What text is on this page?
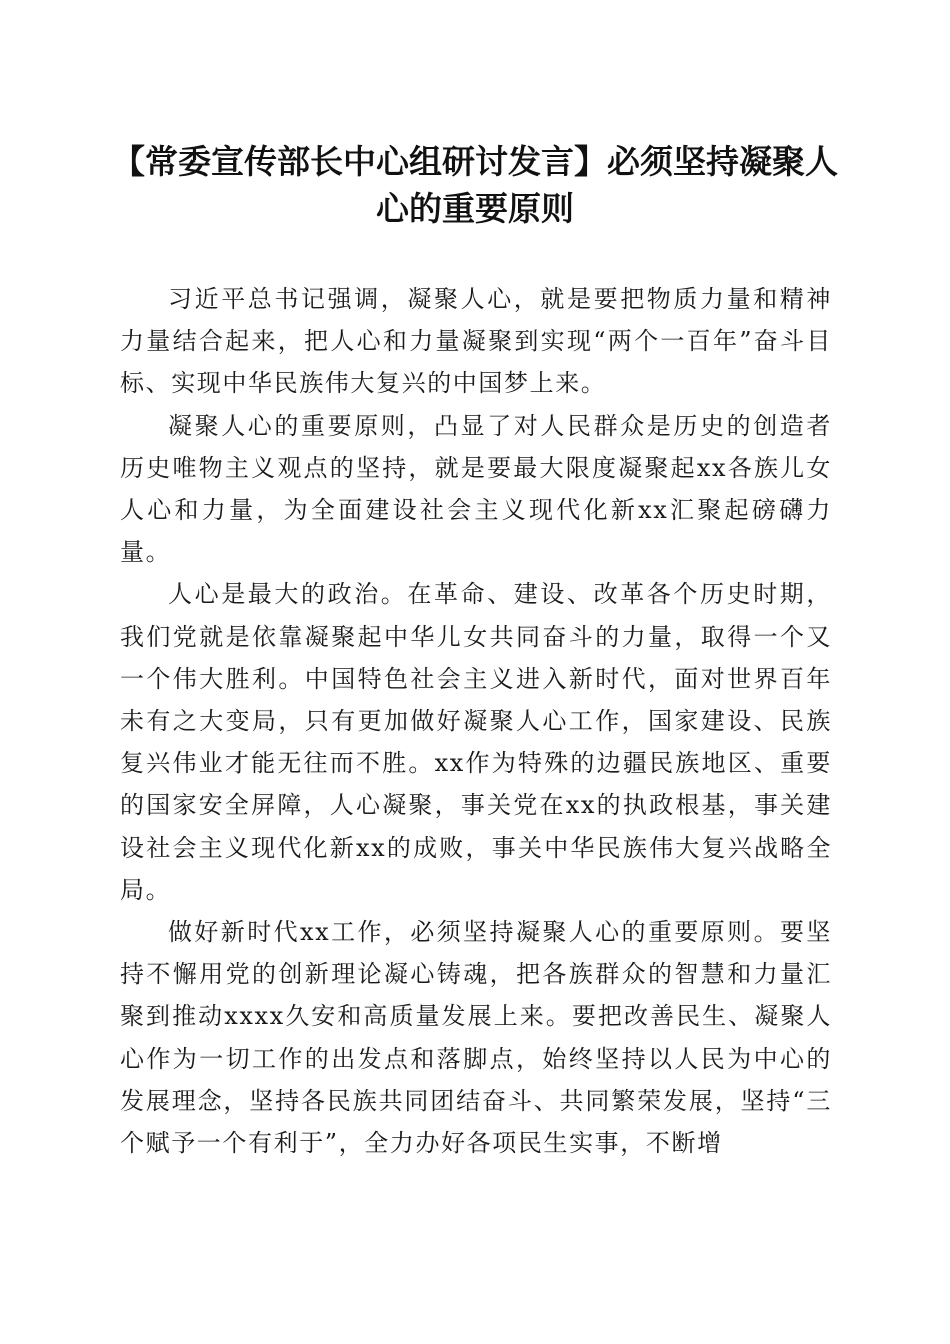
【常委宣传部长中心组研讨发言】必须坚持凝聚人心的重要原则

习近平总书记强调，凝聚人心，就是要把物质力量和精神力量结合起来，把人心和力量凝聚到实现“两个一百年”奋斗目标、实现中华民族伟大复兴的中国梦上来。

凝聚人心的重要原则，凸显了对人民群众是历史的创造者历史唯物主义观点的坚持，就是要最大限度凝聚起xx各族儿女人心和力量，为全面建设社会主义现代化新xx汇聚起磅礴力量。

人心是最大的政治。在革命、建设、改革各个历史时期，我们党就是依靠凝聚起中华儿女共同奋斗的力量，取得一个又一个伟大胜利。中国特色社会主义进入新时代，面对世界百年未有之大变局，只有更加做好凝聚人心工作，国家建设、民族复兴伟业才能无往而不胜。xx作为特殊的边疆民族地区、重要的国家安全屏障，人心凝聚，事关党在xx的执政根基，事关建设社会主义现代化新xx的成败，事关中华民族伟大复兴战略全局。

做好新时代xx工作，必须坚持凝聚人心的重要原则。要坚持不懈用党的创新理论凝心铸魂，把各族群众的智慧和力量汇聚到推动xxxx久安和高质量发展上来。要把改善民生、凝聚人心作为一切工作的出发点和落脚点，始终坚持以人民为中心的发展理念，坚持各民族共同团结奋斗、共同繁荣发展，坚持“三个赋予一个有利于”，全力办好各项民生实事，不断增
